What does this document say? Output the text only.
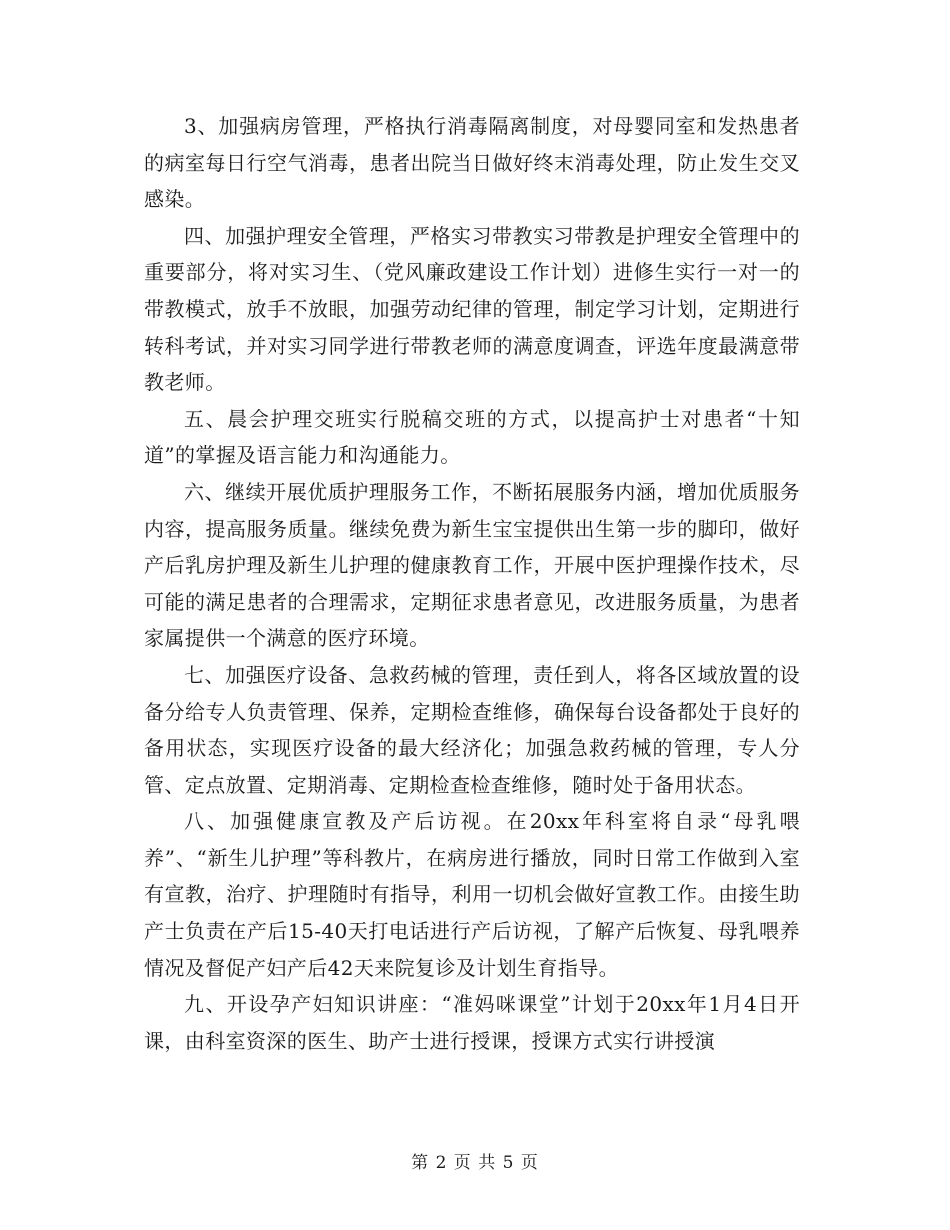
3、加强病房管理，严格执行消毒隔离制度，对母婴同室和发热患者的病室每日行空气消毒，患者出院当日做好终末消毒处理，防止发生交叉感染。

四、加强护理安全管理，严格实习带教实习带教是护理安全管理中的重要部分，将对实习生、（党风廉政建设工作计划）进修生实行一对一的带教模式，放手不放眼，加强劳动纪律的管理，制定学习计划，定期进行转科考试，并对实习同学进行带教老师的满意度调查，评选年度最满意带教老师。

五、晨会护理交班实行脱稿交班的方式，以提高护士对患者“十知道”的掌握及语言能力和沟通能力。

六、继续开展优质护理服务工作，不断拓展服务内涵，增加优质服务内容，提高服务质量。继续免费为新生宝宝提供出生第一步的脚印，做好产后乳房护理及新生儿护理的健康教育工作，开展中医护理操作技术，尽可能的满足患者的合理需求，定期征求患者意见，改进服务质量，为患者家属提供一个满意的医疗环境。

七、加强医疗设备、急救药械的管理，责任到人，将各区域放置的设备分给专人负责管理、保养，定期检查维修，确保每台设备都处于良好的备用状态，实现医疗设备的最大经济化；加强急救药械的管理，专人分管、定点放置、定期消毒、定期检查检查维修，随时处于备用状态。

八、加强健康宣教及产后访视。在20xx年科室将自录“母乳喂养”、“新生儿护理”等科教片，在病房进行播放，同时日常工作做到入室有宣教，治疗、护理随时有指导，利用一切机会做好宣教工作。由接生助产士负责在产后15-40天打电话进行产后访视，了解产后恢复、母乳喂养情况及督促产妇产后42天来院复诊及计划生育指导。

九、开设孕产妇知识讲座：“准妈咪课堂”计划于20xx年1月4日开课，由科室资深的医生、助产士进行授课，授课方式实行讲授演

第 2 页 共 5 页
